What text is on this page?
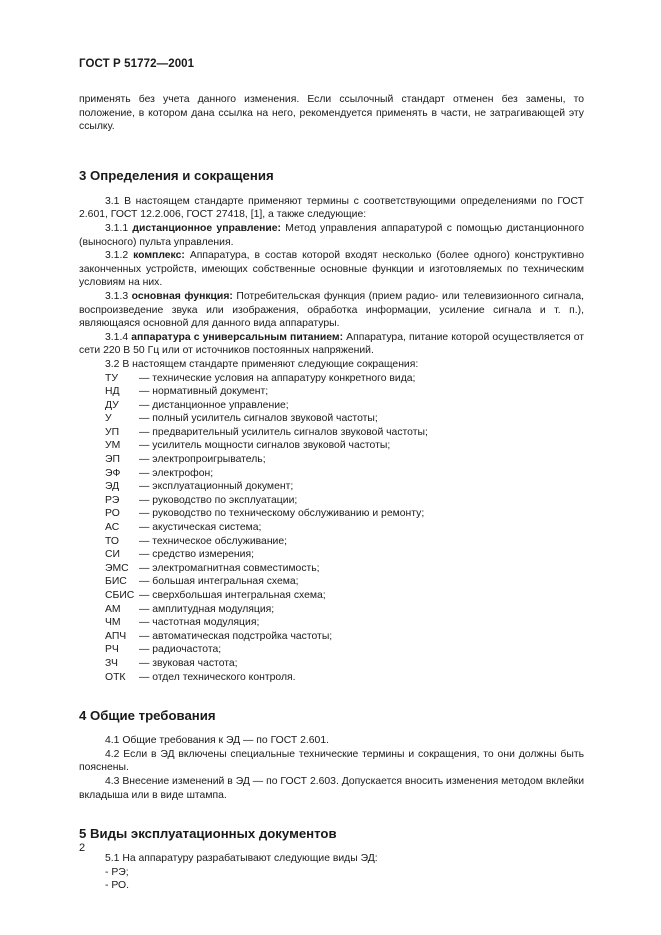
ГОСТ Р 51772—2001

применять без учета данного изменения. Если ссылочный стандарт отменен без замены, то положение, в котором дана ссылка на него, рекомендуется применять в части, не затрагивающей эту ссылку.

3 Определения и сокращения

3.1 В настоящем стандарте применяют термины с соответствующими определениями по ГОСТ 2.601, ГОСТ 12.2.006, ГОСТ 27418, [1], а также следующие:

3.1.1 дистанционное управление: Метод управления аппаратурой с помощью дистанционного (выносного) пульта управления.

3.1.2 комплекс: Аппаратура, в состав которой входят несколько (более одного) конструктивно законченных устройств, имеющих собственные основные функции и изготовляемых по техническим условиям на них.

3.1.3 основная функция: Потребительская функция (прием радио- или телевизионного сигнала, воспроизведение звука или изображения, обработка информации, усиление сигнала и т. п.), являющаяся основной для данного вида аппаратуры.

3.1.4 аппаратура с универсальным питанием: Аппаратура, питание которой осуществляется от сети 220 В 50 Гц или от источников постоянных напряжений.

3.2 В настоящем стандарте применяют следующие сокращения:

ТУ	— технические условия на аппаратуру конкретного вида;
НД	— нормативный документ;
ДУ	— дистанционное управление;
У	— полный усилитель сигналов звуковой частоты;
УП	— предварительный усилитель сигналов звуковой частоты;
УМ	— усилитель мощности сигналов звуковой частоты;
ЭП	— электропроигрыватель;
ЭФ	— электрофон;
ЭД	— эксплуатационный документ;
РЭ	— руководство по эксплуатации;
РО	— руководство по техническому обслуживанию и ремонту;
АС	— акустическая система;
ТО	— техническое обслуживание;
СИ	— средство измерения;
ЭМС — электромагнитная совместимость;
БИС	— большая интегральная схема;
СБИС — сверхбольшая интегральная схема;
АМ	— амплитудная модуляция;
ЧМ	— частотная модуляция;
АПЧ	— автоматическая подстройка частоты;
РЧ	— радиочастота;
ЗЧ	— звуковая частота;
ОТК	— отдел технического контроля.
4 Общие требования

4.1 Общие требования к ЭД — по ГОСТ 2.601.

4.2 Если в ЭД включены специальные технические термины и сокращения, то они должны быть пояснены.

4.3 Внесение изменений в ЭД — по ГОСТ 2.603. Допускается вносить изменения методом вклейки вкладыша или в виде штампа.

5 Виды эксплуатационных документов

5.1 На аппаратуру разрабатывают следующие виды ЭД:

- РЭ;
- РО.
2
